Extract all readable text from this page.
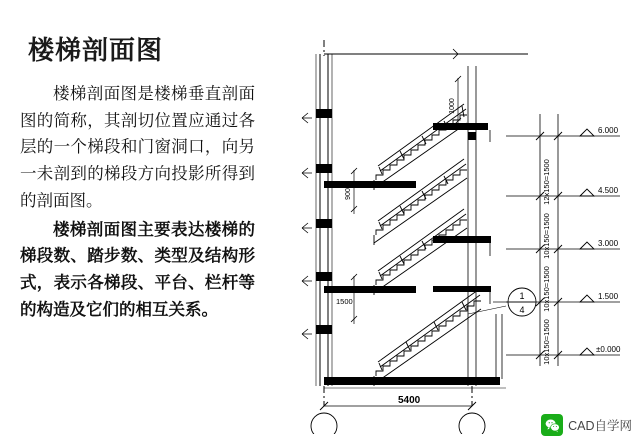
楼梯剖面图

楼梯剖面图是楼梯垂直剖面图的简称，其剖切位置应通过各层的一个梯段和门窗洞口，向另一未剖到的梯段方向投影所得到的剖面图。

楼梯剖面图主要表达楼梯的梯段数、踏步数、类型及结构形式，表示各梯段、平台、栏杆等的构造及它们的相互关系。

6.000
4.500
3.000
1.500
±0.000
12x150=1500
10x150=1500
10x150=1500
10x150=1500
1000
900
1500
5400
1
4
CAD自学网
